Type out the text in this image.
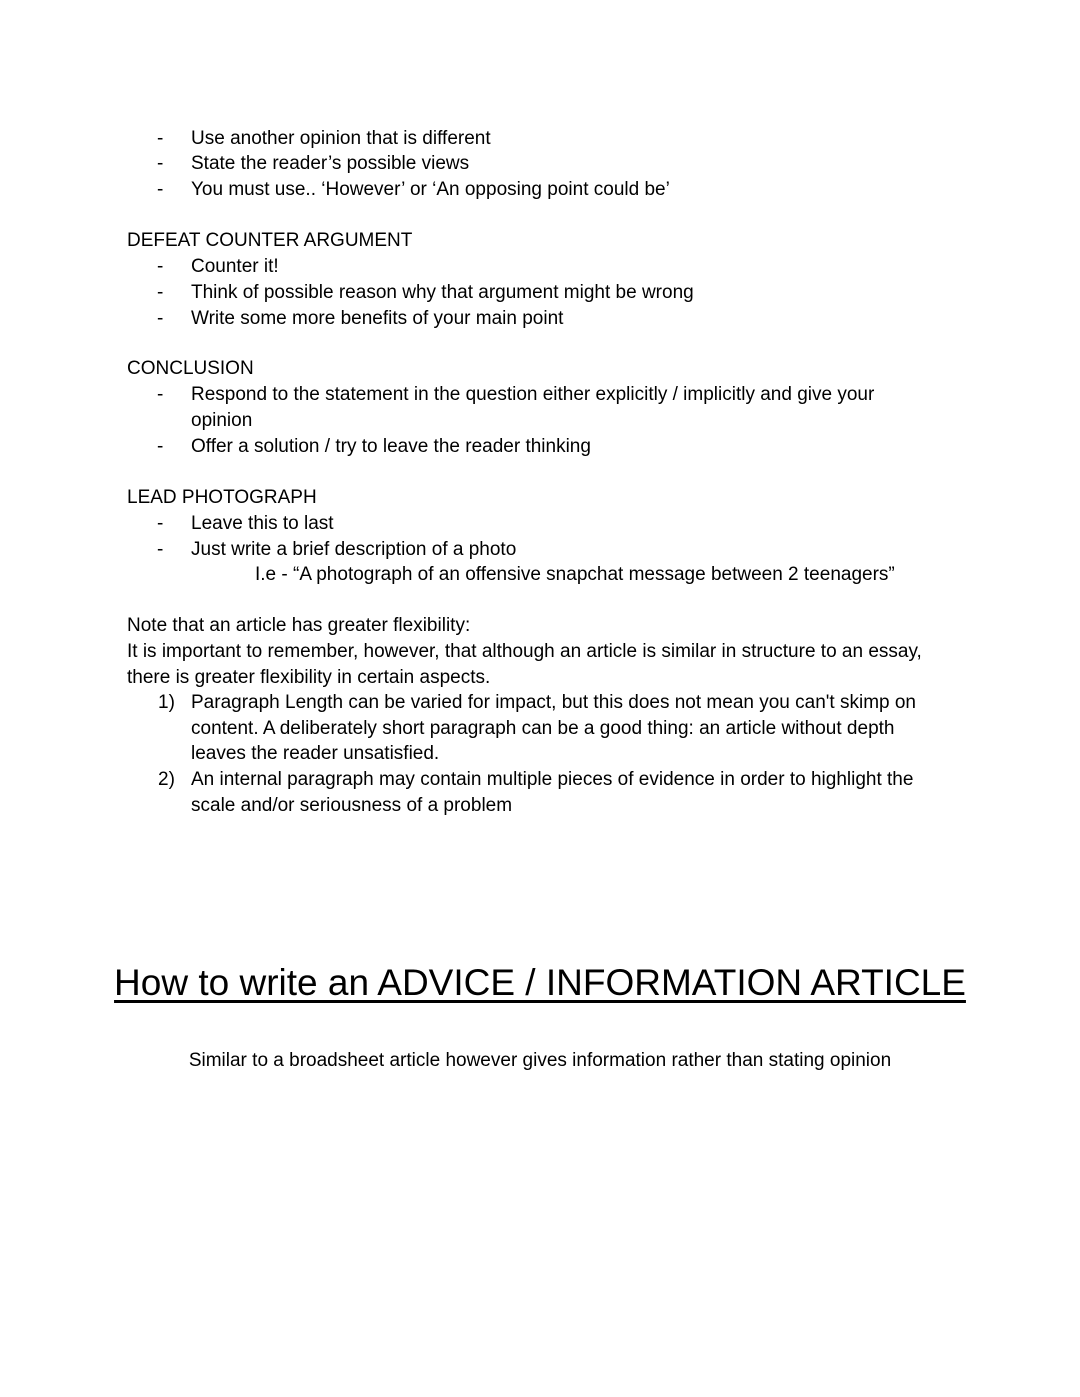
- Use another opinion that is different
- State the reader’s possible views
- You must use.. ‘However’ or ‘An opposing point could be’
DEFEAT COUNTER ARGUMENT
- Counter it!
- Think of possible reason why that argument might be wrong
- Write some more benefits of your main point
CONCLUSION
- Respond to the statement in the question either explicitly / implicitly and give your
opinion
- Offer a solution / try to leave the reader thinking
LEAD PHOTOGRAPH
- Leave this to last
- Just write a brief description of a photo
I.e - “A photograph of an offensive snapchat message between 2 teenagers”
Note that an article has greater flexibility:
It is important to remember, however, that although an article is similar in structure to an essay,
there is greater flexibility in certain aspects.
1) Paragraph Length can be varied for impact, but this does not mean you can't skimp on
content. A deliberately short paragraph can be a good thing: an article without depth
leaves the reader unsatisfied.
2) An internal paragraph may contain multiple pieces of evidence in order to highlight the
scale and/or seriousness of a problem
How to write an ADVICE / INFORMATION ARTICLE
Similar to a broadsheet article however gives information rather than stating opinion
